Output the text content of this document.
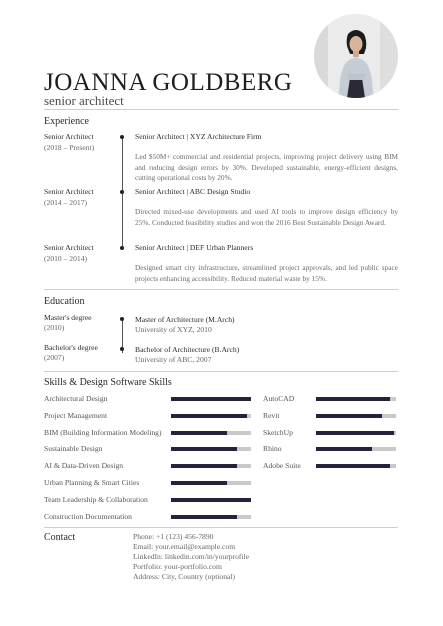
JOANNA GOLDBERG
senior architect
Experience
Senior Architect
(2018 – Present)
Senior Architect | XYZ Architecture Firm
Led $50M+ commercial and residential projects, improving project delivery using BIM and reducing design errors by 30%. Developed sustainable, energy-efficient designs, cutting operational costs by 20%.
Senior Architect
(2014 – 2017)
Senior Architect | ABC Design Studio
Directed mixed-use developments and used AI tools to improve design efficiency by 25%. Conducted feasibility studies and won the 2016 Best Sustainable Design Award.
Senior Architect
(2010 – 2014)
Senior Architect | DEF Urban Planners
Designed smart city infrastructure, streamlined project approvals, and led public space projects enhancing accessibility. Reduced material waste by 15%.
Education
Master's degree
(2010)
Master of Architecture (M.Arch)
University of XYZ, 2010
Bachelor's degree
(2007)
Bachelor of Architecture (B.Arch)
University of ABC, 2007
Skills & Design Software Skills
Architectural Design
Project Management
BIM (Building Information Modeling)
Sustainable Design
AI & Data-Driven Design
Urban Planning & Smart Cities
Team Leadership & Collaboration
Construction Documentation
AutoCAD
Revit
SketchUp
Rhino
Adobe Suite
Contact	Phone: +1 (123) 456-7890
Email: your.email@example.com
LinkedIn: linkedin.com/in/yourprofile
Portfolio: your-portfolio.com
Address: City, Country (optional)
